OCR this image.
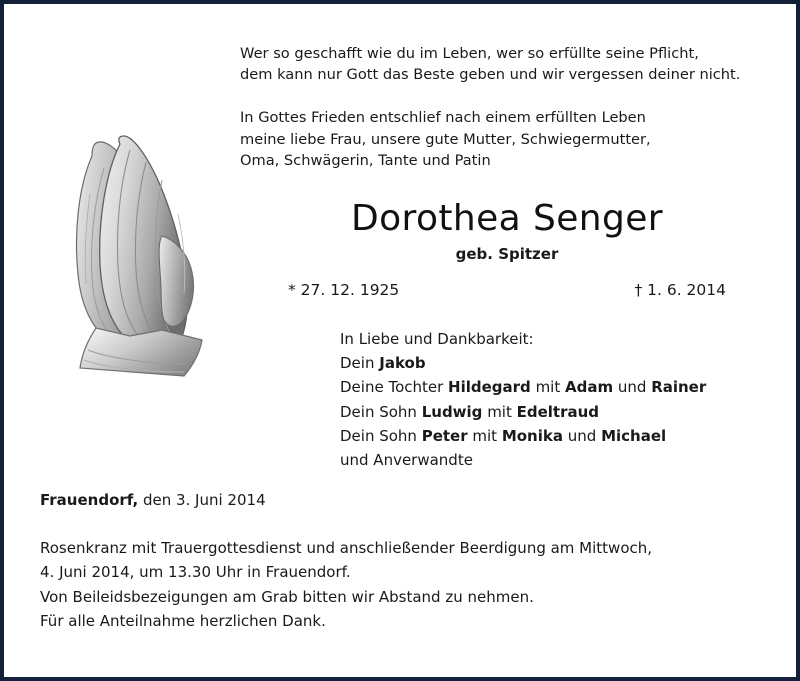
Wer so geschafft wie du im Leben, wer so erfüllte seine Pflicht,
dem kann nur Gott das Beste geben und wir vergessen deiner nicht.
In Gottes Frieden entschlief nach einem erfüllten Leben
meine liebe Frau, unsere gute Mutter, Schwiegermutter,
Oma, Schwägerin, Tante und Patin
Dorothea Senger
geb. Spitzer
* 27. 12. 1925	† 1. 6. 2014
In Liebe und Dankbarkeit:
Dein Jakob
Deine Tochter Hildegard mit Adam und Rainer
Dein Sohn Ludwig mit Edeltraud
Dein Sohn Peter mit Monika und Michael
und Anverwandte
Frauendorf, den 3. Juni 2014
Rosenkranz mit Trauergottesdienst und anschließender Beerdigung am Mittwoch,
4. Juni 2014, um 13.30 Uhr in Frauendorf.
Von Beileidsbezeigungen am Grab bitten wir Abstand zu nehmen.
Für alle Anteilnahme herzlichen Dank.
